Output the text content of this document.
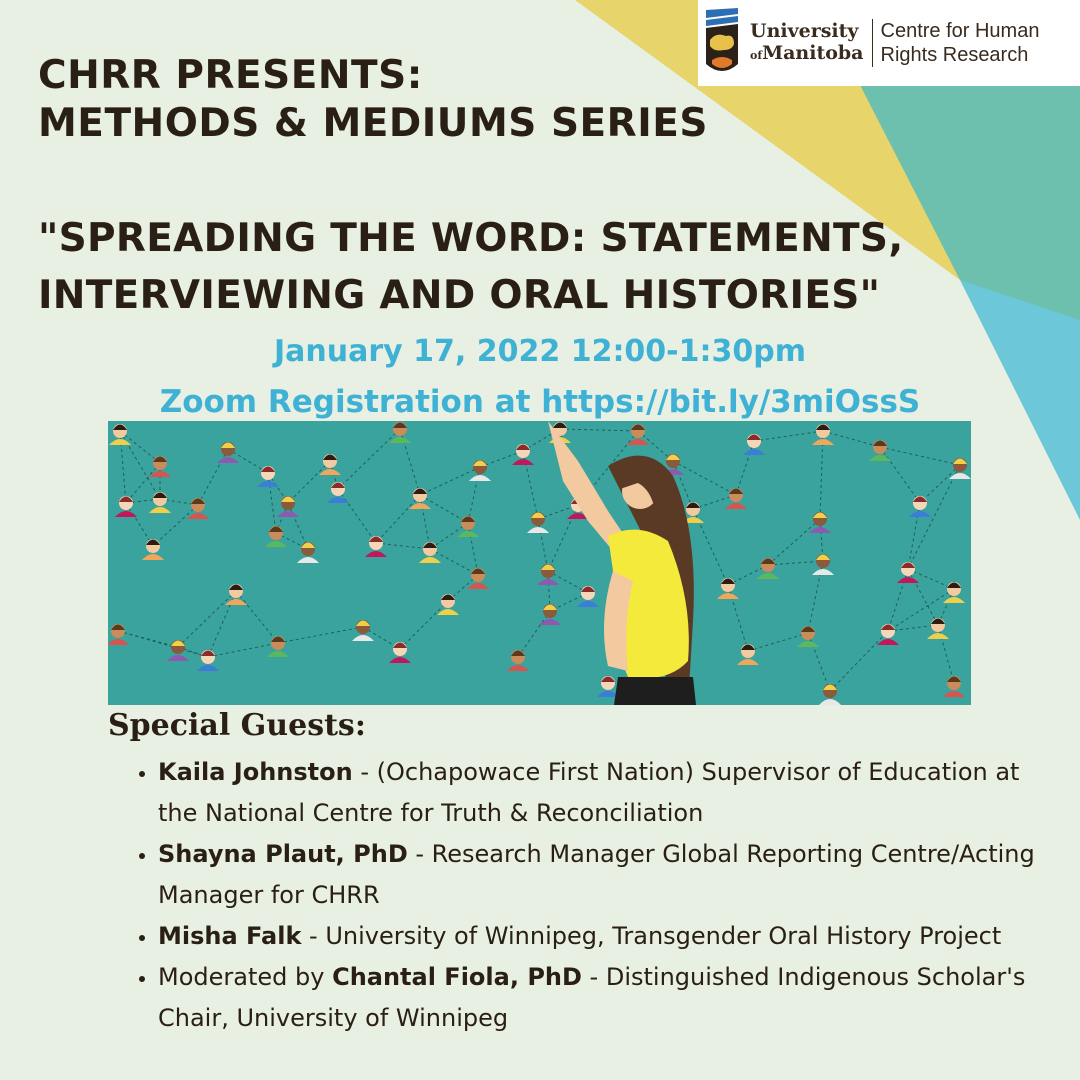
University
ofManitoba
Centre for Human
Rights Research
CHRR PRESENTS:
METHODS & MEDIUMS SERIES
"SPREADING THE WORD: STATEMENTS,
INTERVIEWING AND ORAL HISTORIES"
January 17, 2022 12:00-1:30pm
Zoom Registration at https://bit.ly/3miOssS
Special Guests:
• Kaila Johnston - (Ochapowace First Nation) Supervisor of Education at the National Centre for Truth & Reconciliation
• Shayna Plaut, PhD - Research Manager Global Reporting Centre/Acting Manager for CHRR
• Misha Falk - University of Winnipeg, Transgender Oral History Project
• Moderated by Chantal Fiola, PhD - Distinguished Indigenous Scholar's Chair, University of Winnipeg
